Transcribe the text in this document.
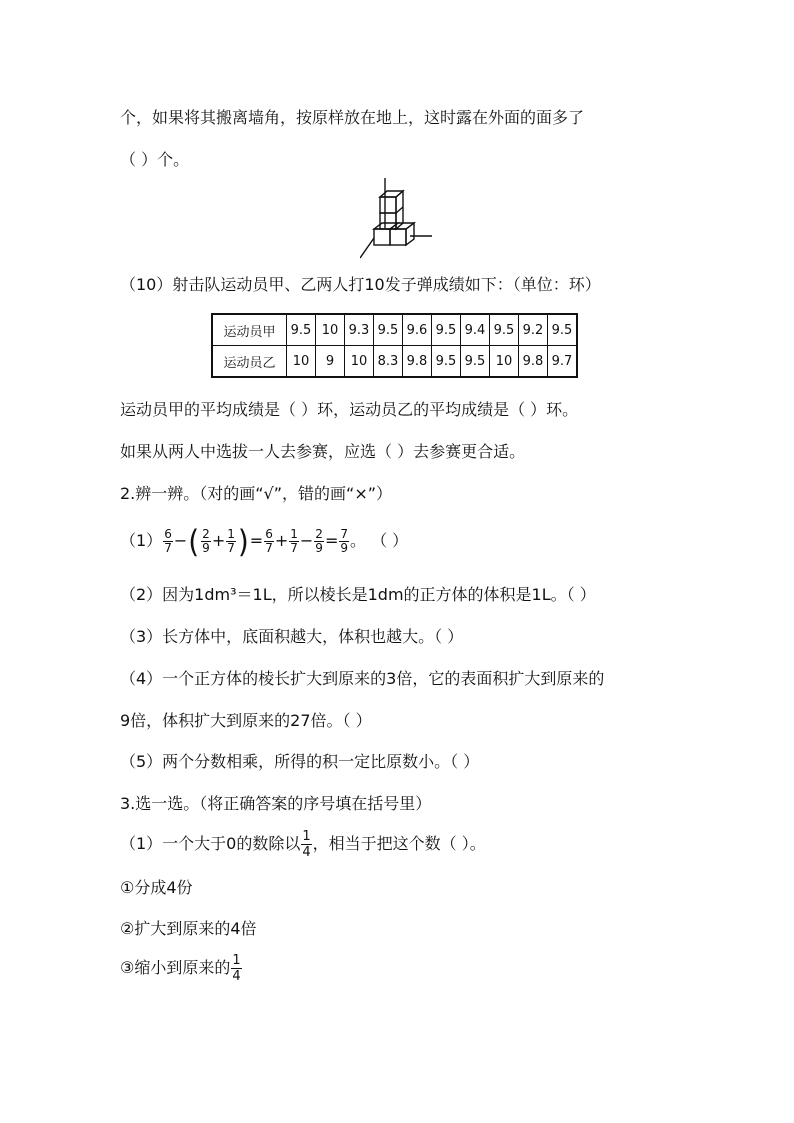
个，如果将其搬离墙角，按原样放在地上，这时露在外面的面多了
（ ）个。
（10）射击队运动员甲、乙两人打10发子弹成绩如下：（单位：环）
运动员甲	9.5	10	9.3	9.5	9.6	9.5	9.4	9.5	9.2	9.5
运动员乙	10	9	10	8.3	9.8	9.5	9.5	10	9.8	9.7
运动员甲的平均成绩是（ ）环，运动员乙的平均成绩是（ ）环。
如果从两人中选拔一人去参赛，应选（ ）去参赛更合适。
2.辨一辨。（对的画“√”，错的画“×”）
$(1) \frac{6}{7}$ −( $\frac{2}{9} + \frac{1}{7}$ )= $\frac{6}{7} + \frac{1}{7} - \frac{2}{9} = \frac{7}{9}$ 。 （ ）
（2）因为1dm³＝1L，所以棱长是1dm的正方体的体积是1L。（ ）
（3）长方体中，底面积越大，体积也越大。（ ）
（4）一个正方体的棱长扩大到原来的3倍，它的表面积扩大到原来的
9倍，体积扩大到原来的27倍。（ ）
（5）两个分数相乘，所得的积一定比原数小。（ ）
3.选一选。（将正确答案的序号填在括号里）
（1）一个大于0的数除以 $\frac{1}{4}$ ，相当于把这个数（ ）。
①分成4份
②扩大到原来的4倍
③缩小到原来的 $\frac{1}{4}$
